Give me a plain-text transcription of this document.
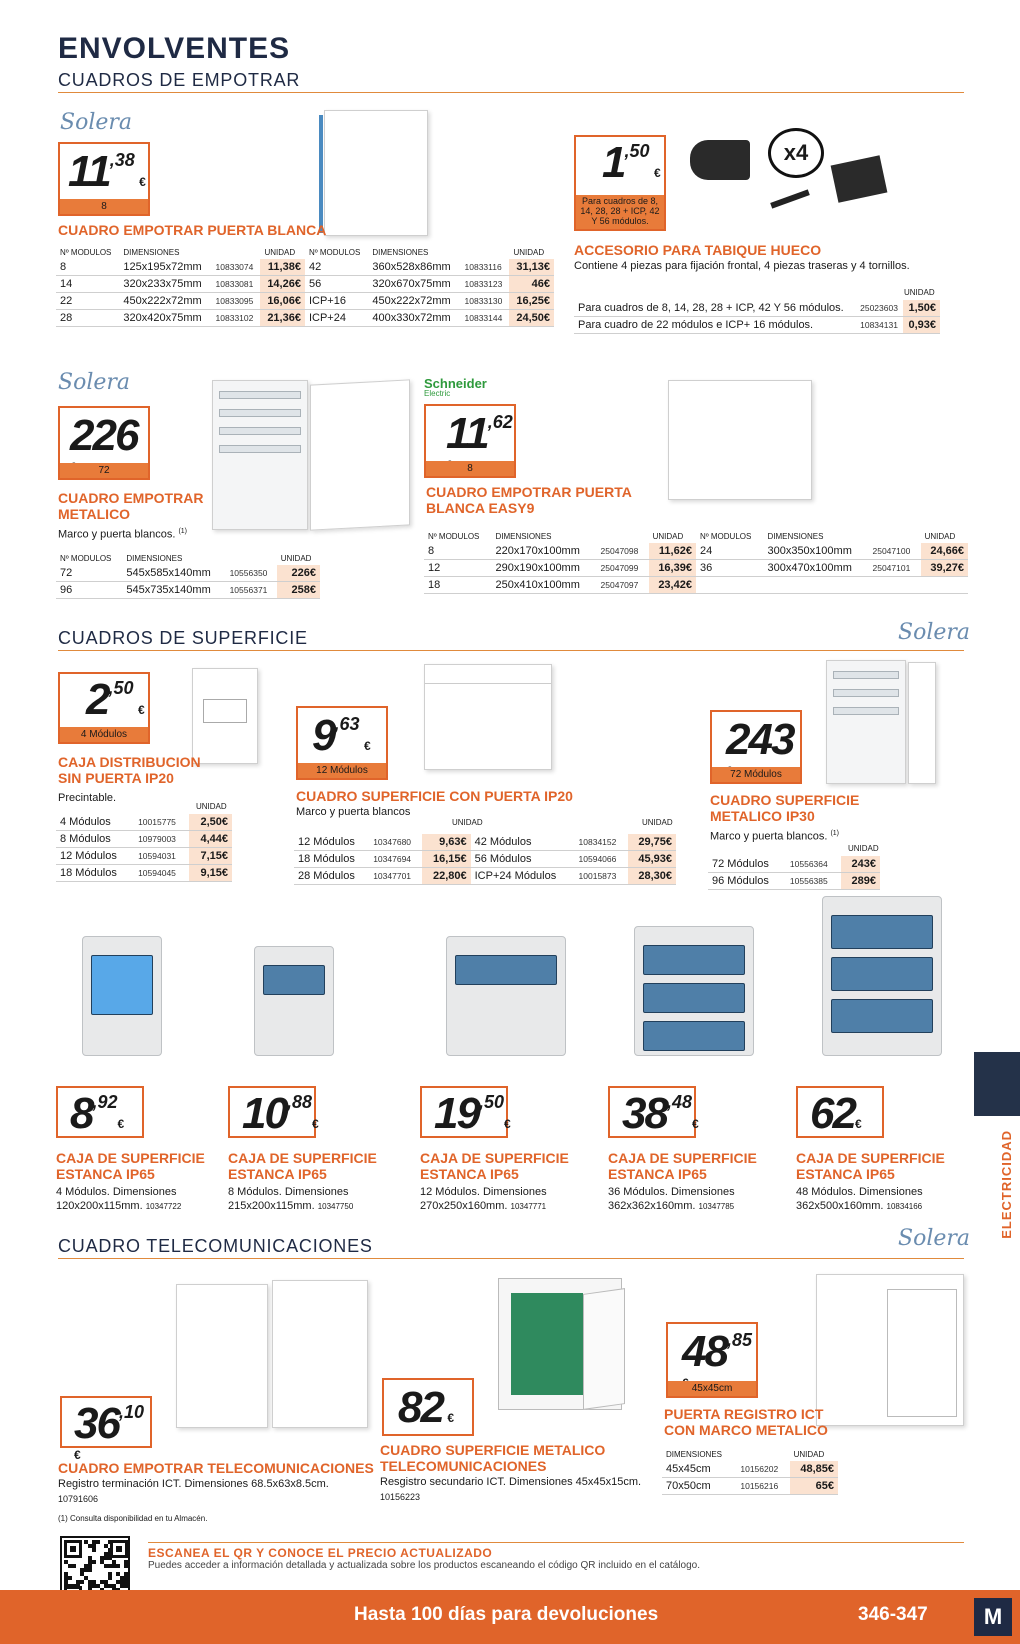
ENVOLVENTES
CUADROS DE EMPOTRAR
Solera
11,38 €
8
CUADRO EMPOTRAR PUERTA BLANCA
Nº MODULOS	DIMENSIONES		UNIDAD	Nº MODULOS	DIMENSIONES		UNIDAD
8	125x195x72mm	10833074	11,38€	42	360x528x86mm	10833116	31,13€
14	320x233x75mm	10833081	14,26€	56	320x670x75mm	10833123	46€
22	450x222x72mm	10833095	16,06€	ICP+16	450x222x72mm	10833130	16,25€
28	320x420x75mm	10833102	21,36€	ICP+24	400x330x72mm	10833144	24,50€
1,50 €
Para cuadros de 8, 14, 28, 28 + ICP, 42 Y 56 módulos.
x4
ACCESORIO PARA TABIQUE HUECO
Contiene 4 piezas para fijación frontal, 4 piezas traseras y 4 tornillos.
UNIDAD
Para cuadros de 8, 14, 28, 28 + ICP, 42 Y 56 módulos.	25023603	1,50€
Para cuadro de 22 módulos e ICP+ 16 módulos.	10834131	0,93€
Solera
226
72
CUADRO EMPOTRAR METALICO
Marco y puerta blancos. $^{(1)}$
Nº MODULOS	DIMENSIONES		UNIDAD
72	545x585x140mm	10556350	226€
96	545x735x140mm	10556371	258€
Schneider
Electric
11,62
8
CUADRO EMPOTRAR PUERTA BLANCA EASY9
Nº MODULOS	DIMENSIONES		UNIDAD	Nº MODULOS	DIMENSIONES		UNIDAD
8	220x170x100mm	25047098	11,62€	24	300x350x100mm	25047100	24,66€
12	290x190x100mm	25047099	16,39€	36	300x470x100mm	25047101	39,27€
18	250x410x100mm	25047097	23,42€				
CUADROS DE SUPERFICIE	Solera
2,50 €
4 Módulos
CAJA DISTRIBUCION SIN PUERTA IP20
Precintable.
UNIDAD
4 Módulos	10015775	2,50€
8 Módulos	10979003	4,44€
12 Módulos	10594031	7,15€
18 Módulos	10594045	9,15€
9,63 €
12 Módulos
CUADRO SUPERFICIE CON PUERTA IP20
Marco y puerta blancos
UNIDAD	UNIDAD
12 Módulos	10347680	9,63€	42 Módulos	10834152	29,75€
18 Módulos	10347694	16,15€	56 Módulos	10594066	45,93€
28 Módulos	10347701	22,80€	ICP+24 Módulos	10015873	28,30€
243
72 Módulos
CUADRO SUPERFICIE METALICO IP30
Marco y puerta blancos. $^{(1)}$
UNIDAD
72 Módulos	10556364	243€
96 Módulos	10556385	289€
8,92€
CAJA DE SUPERFICIE ESTANCA IP65
4 Módulos. Dimensiones
120x200x115mm. 10347722
10,88€
CAJA DE SUPERFICIE ESTANCA IP65
8 Módulos. Dimensiones
215x200x115mm. 10347750
19,50€
CAJA DE SUPERFICIE ESTANCA IP65
12 Módulos. Dimensiones
270x250x160mm. 10347771
38,48€
CAJA DE SUPERFICIE ESTANCA IP65
36 Módulos. Dimensiones
362x362x160mm. 10347785
62€
CAJA DE SUPERFICIE ESTANCA IP65
48 Módulos. Dimensiones
362x500x160mm. 10834166
CUADRO TELECOMUNICACIONES	Solera
36,10 €
CUADRO EMPOTRAR TELECOMUNICACIONES
Registro terminación ICT. Dimensiones 68.5x63x8.5cm.
10791606
82 €
CUADRO SUPERFICIE METALICO TELECOMUNICACIONES
Resgistro secundario ICT. Dimensiones 45x45x15cm.
10156223
48,85
45x45cm
PUERTA REGISTRO ICT CON MARCO METALICO
DIMENSIONES		UNIDAD
45x45cm	10156202	48,85€
70x50cm	10156216	65€
ELECTRICIDAD
(1) Consulta disponibilidad en tu Almacén.
ESCANEA EL QR Y CONOCE EL PRECIO ACTUALIZADO
Puedes acceder a información detallada y actualizada sobre los productos escaneando el código QR incluido en el catálogo.
Hasta 100 días para devoluciones	346-347	M
